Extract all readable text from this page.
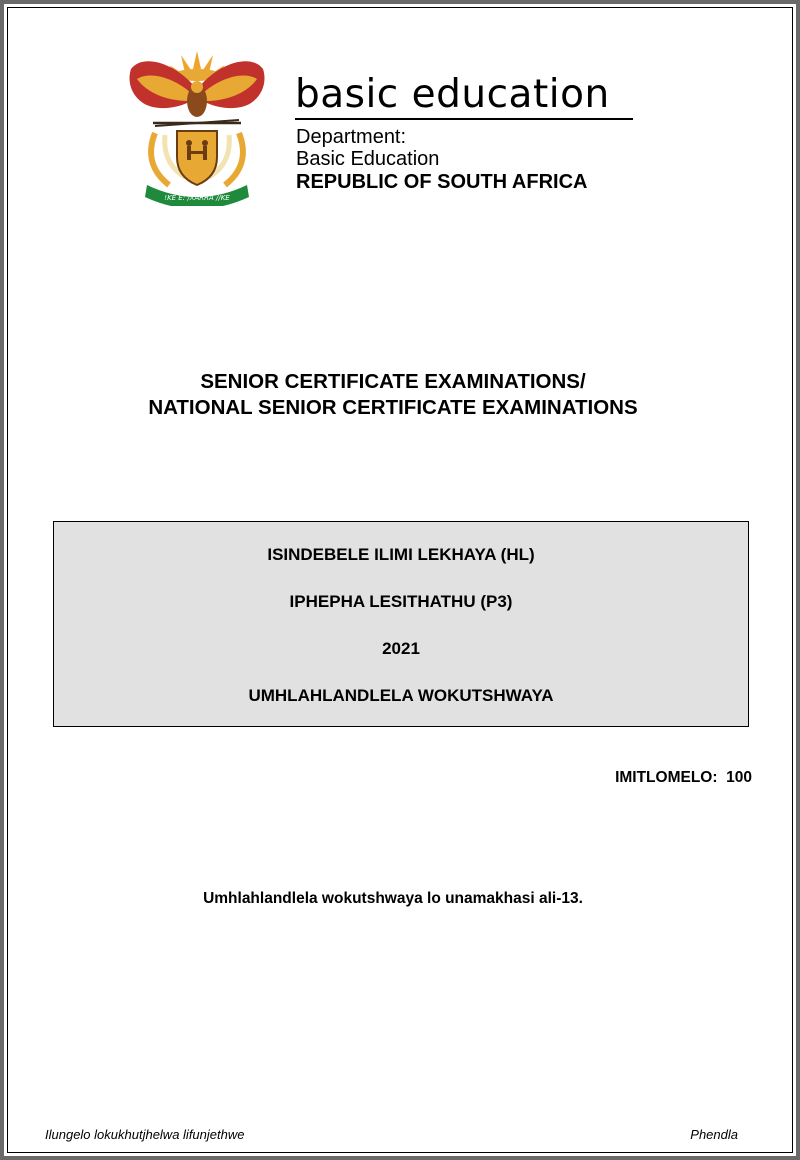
!KE E: /XARRA //KE
basic education
Department:
Basic Education
REPUBLIC OF SOUTH AFRICA
SENIOR CERTIFICATE EXAMINATIONS/
NATIONAL SENIOR CERTIFICATE EXAMINATIONS
ISINDEBELE ILIMI LEKHAYA (HL)
IPHEPHA LESITHATHU (P3)
2021
UMHLAHLANDLELA WOKUTSHWAYA
IMITLOMELO:  100
Umhlahlandlela wokutshwaya lo unamakhasi ali-13.
Ilungelo lokukhutjhelwa lifunjethwe	Phendla
